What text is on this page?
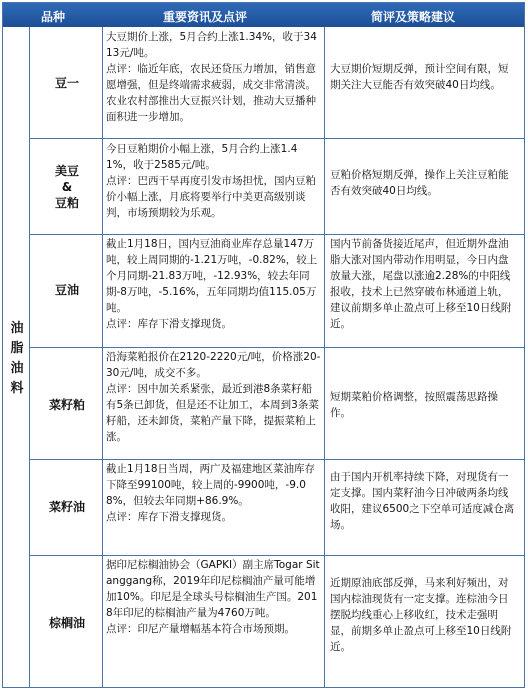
品种	重要资讯及点评	简评及策略建议
油
脂
油
料
豆一

大豆期价上涨，5月合约上涨1.34%，收于3413元/吨。

点评：临近年底，农民还贷压力增加，销售意愿增强，但是终端需求疲弱，成交非常清淡。农业农村部推出大豆振兴计划，推动大豆播种面积进一步增加。

大豆期价短期反弹，预计空间有限，短期关注大豆能否有效突破40日均线。

美豆
&
豆粕

今日豆粕期价小幅上涨，5月合约上涨1.41%，收于2585元/吨。

点评：巴西干旱再度引发市场担忧，国内豆粕价小幅上涨，月底将要举行中美更高级别谈判，市场预期较为乐观。

豆粕价格短期反弹，操作上关注豆粕能否有效突破40日均线。

豆油

截止1月18日，国内豆油商业库存总量147万吨，较上周同期的-1.21万吨，-0.82%，较上个月同期-21.83万吨，-12.93%，较去年同期-8万吨，-5.16%，五年同期均值115.05万吨。

点评：库存下滑支撑现货。

国内节前备货接近尾声，但近期外盘油脂大涨对国内带动作用明显，今日内盘放量大涨，尾盘以涨逾2.28%的中阳线报收，技术上已然穿破布林通道上轨，建议前期多单止盈点可上移至10日线附近。

菜籽粕

沿海菜粕报价在2120-2220元/吨，价格涨20-30元/吨，成交不多。

点评：因中加关系紧张，最近到港8条菜籽船有5条已卸货，但是还不让加工，本周到3条菜籽船，还未卸货，菜粕产量下降，提振菜粕上涨。

短期菜粕价格调整，按照震荡思路操作。

菜籽油

截止1月18日当周，两广及福建地区菜油库存下降至99100吨，较上周的-9900吨，-9.08%，但较去年同期+86.9%。

点评：库存下滑支撑现货。

由于国内开机率持续下降，对现货有一定支撑。国内菜籽油今日冲破两条均线收阳，建议6500之下空单可适度减仓离场。

棕榈油

据印尼棕榈油协会（GAPKI）副主席Togar Sitanggang称，2019年印尼棕榈油产量可能增加10%。印尼是全球头号棕榈油生产国。2018年印尼的棕榈油产量为4760万吨。

点评：印尼产量增幅基本符合市场预期。

近期原油底部反弹，马来利好频出，对国内棕油现货有一定支撑。连棕油今日摆脱均线重心上移收红，技术走强明显，前期多单止盈点可上移至10日线附近。
